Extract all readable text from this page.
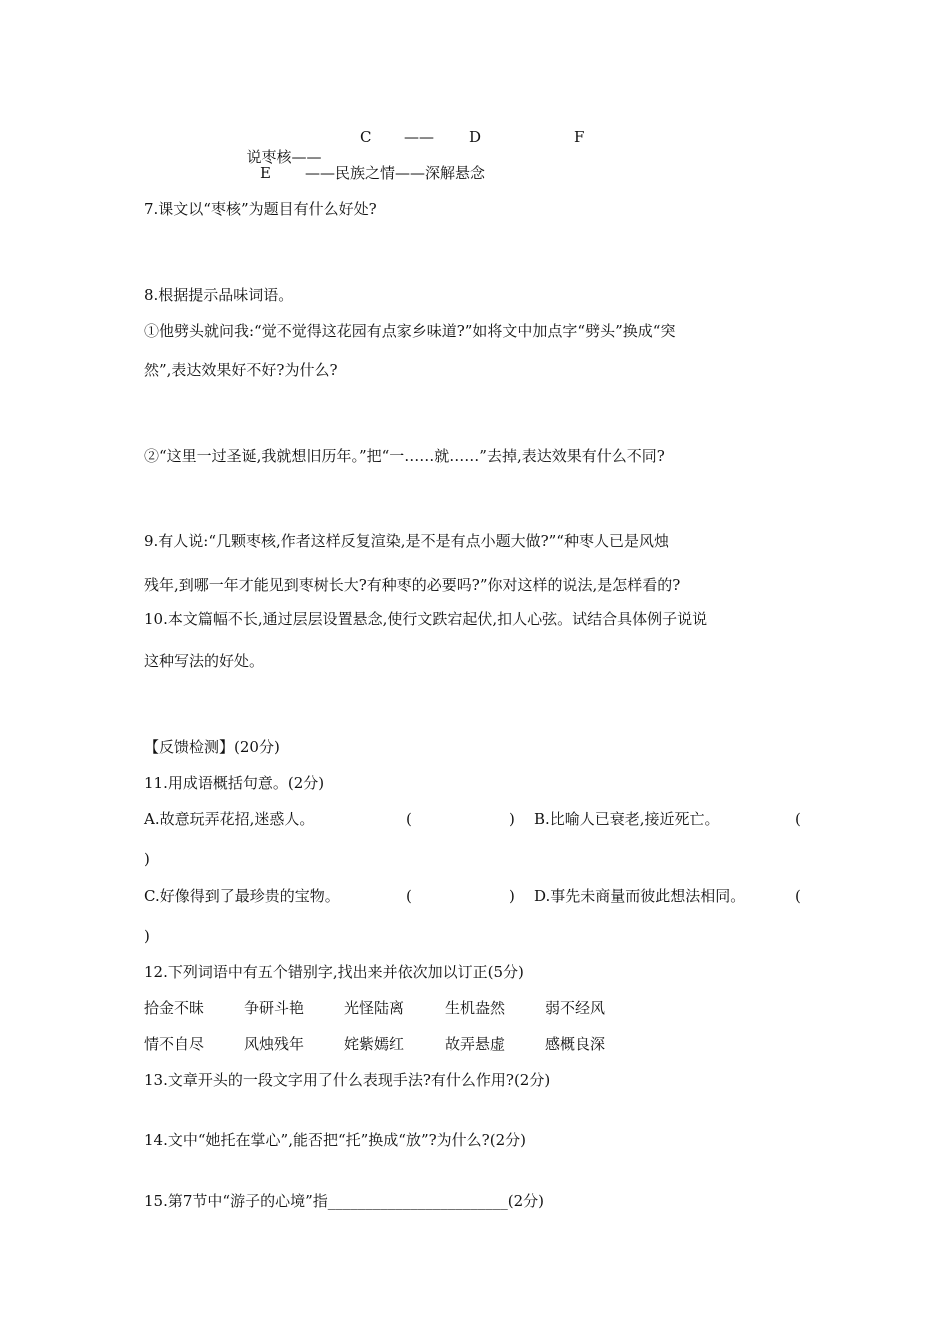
说枣核——

C —— D	F
E ——民族之情——深解悬念
7.课文以“枣核”为题目有什么好处?
8.根据提示品味词语。
①他劈头就问我:“觉不觉得这花园有点家乡味道?”如将文中加点字“劈头”换成“突
然”,表达效果好不好?为什么?
②“这里一过圣诞,我就想旧历年。”把“一……就……”去掉,表达效果有什么不同?
9.有人说:“几颗枣核,作者这样反复渲染,是不是有点小题大做?”“种枣人已是风烛
残年,到哪一年才能见到枣树长大?有种枣的必要吗?”你对这样的说法,是怎样看的?
10.本文篇幅不长,通过层层设置悬念,使行文跌宕起伏,扣人心弦。试结合具体例子说说
这种写法的好处。
【反馈检测】(20分)
11.用成语概括句意。(2分)
A.故意玩弄花招,迷惑人。	(	) B.比喻人已衰老,接近死亡。	(
)
C.好像得到了最珍贵的宝物。	(	) D.事先未商量而彼此想法相同。	(
)
12.下列词语中有五个错别字,找出来并依次加以订正(5分)
拾金不昧	争研斗艳	光怪陆离	生机盎然	弱不经风
情不自尽	风烛残年	姹紫嫣红	故弄悬虚	感概良深
13.文章开头的一段文字用了什么表现手法?有什么作用?(2分)
14.文中“她托在掌心”,能否把“托”换成“放”?为什么?(2分)
15.第7节中“游子的心境”指________________________(2分)
